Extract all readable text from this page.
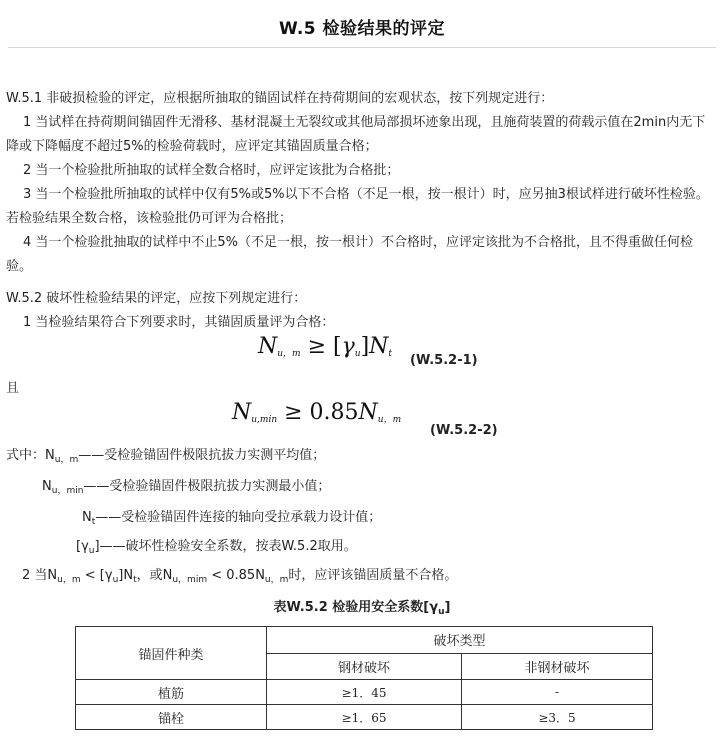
W.5 检验结果的评定
W.5.1 非破损检验的评定，应根据所抽取的锚固试样在持荷期间的宏观状态，按下列规定进行：
1 当试样在持荷期间锚固件无滑移、基材混凝土无裂纹或其他局部损坏迹象出现，且施荷装置的荷载示值在2min内无下降或下降幅度不超过5%的检验荷载时，应评定其锚固质量合格；
2 当一个检验批所抽取的试样全数合格时，应评定该批为合格批；
3 当一个检验批所抽取的试样中仅有5%或5%以下不合格（不足一根，按一根计）时，应另抽3根试样进行破坏性检验。若检验结果全数合格，该检验批仍可评为合格批；
4 当一个检验批抽取的试样中不止5%（不足一根，按一根计）不合格时，应评定该批为不合格批，且不得重做任何检验。
W.5.2 破坏性检验结果的评定，应按下列规定进行：
1 当检验结果符合下列要求时，其锚固质量评为合格：
$N_{u,m} \ge [\gamma_u]N_t$ (W.5.2-1)
且
$N_{u,min} \ge 0.85N_{u,m}$
(W.5.2-2)
式中：$N_{u,m}——$受检验锚固件极限抗拔力实测平均值；
$N_{u,min}——$受检验锚固件极限抗拔力实测最小值；
$N_t——$受检验锚固件连接的轴向受拉承载力设计值；
$[\gamma_u]——$破坏性检验安全系数，按表W.5.2取用。
2 当$N_{u,m} < [\gamma_u]N_t$，或$N_{u,mim} < 0.85N_{u,m}$时，应评该锚固质量不合格。
表W.5.2 检验用安全系数$[\gamma_u]$
锚固件种类	破坏类型	
	钢材破坏	非钢材破坏
植筋	≥1．45	-
锚栓	≥1．65	≥3．5
